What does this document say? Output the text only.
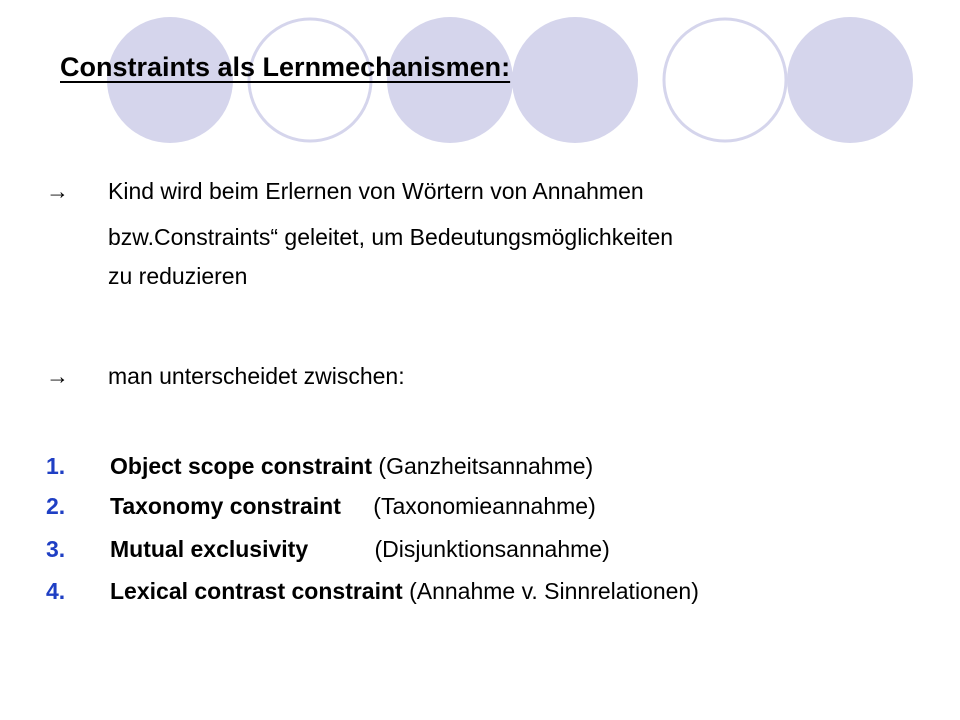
Constraints als Lernmechanismen:
→ Kind wird beim Erlernen von Wörtern von Annahmen
bzw.Constraints“ geleitet, um Bedeutungsmöglichkeiten
zu reduzieren
→ man unterscheidet zwischen:
1. Object scope constraint (Ganzheitsannahme)
2. Taxonomy constraint (Taxonomieannahme)
3. Mutual exclusivity	(Disjunktionsannahme)
4. Lexical contrast constraint (Annahme v. Sinnrelationen)
